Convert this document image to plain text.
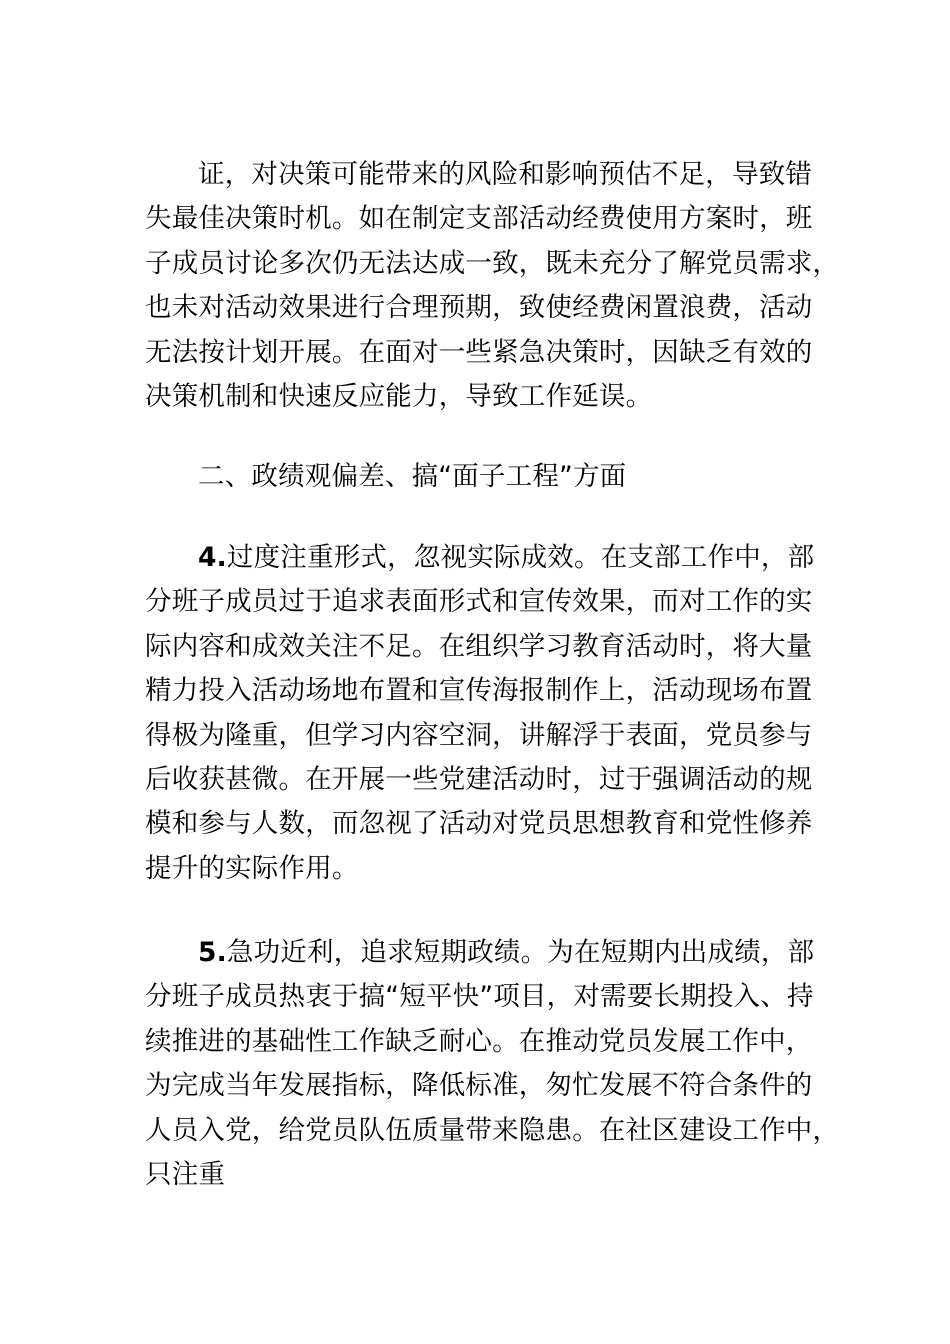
证，对决策可能带来的风险和影响预估不足，导致错
失最佳决策时机。如在制定支部活动经费使用方案时，班
子成员讨论多次仍无法达成一致，既未充分了解党员需求，
也未对活动效果进行合理预期，致使经费闲置浪费，活动
无法按计划开展。在面对一些紧急决策时，因缺乏有效的
决策机制和快速反应能力，导致工作延误。
二、政绩观偏差、搞“面子工程”方面
4.过度注重形式，忽视实际成效。在支部工作中，部
分班子成员过于追求表面形式和宣传效果，而对工作的实
际内容和成效关注不足。在组织学习教育活动时，将大量
精力投入活动场地布置和宣传海报制作上，活动现场布置
得极为隆重，但学习内容空洞，讲解浮于表面，党员参与
后收获甚微。在开展一些党建活动时，过于强调活动的规
模和参与人数，而忽视了活动对党员思想教育和党性修养
提升的实际作用。
5.急功近利，追求短期政绩。为在短期内出成绩，部
分班子成员热衷于搞“短平快”项目，对需要长期投入、持
续推进的基础性工作缺乏耐心。在推动党员发展工作中，
为完成当年发展指标，降低标准，匆忙发展不符合条件的
人员入党，给党员队伍质量带来隐患。在社区建设工作中，
只注重
